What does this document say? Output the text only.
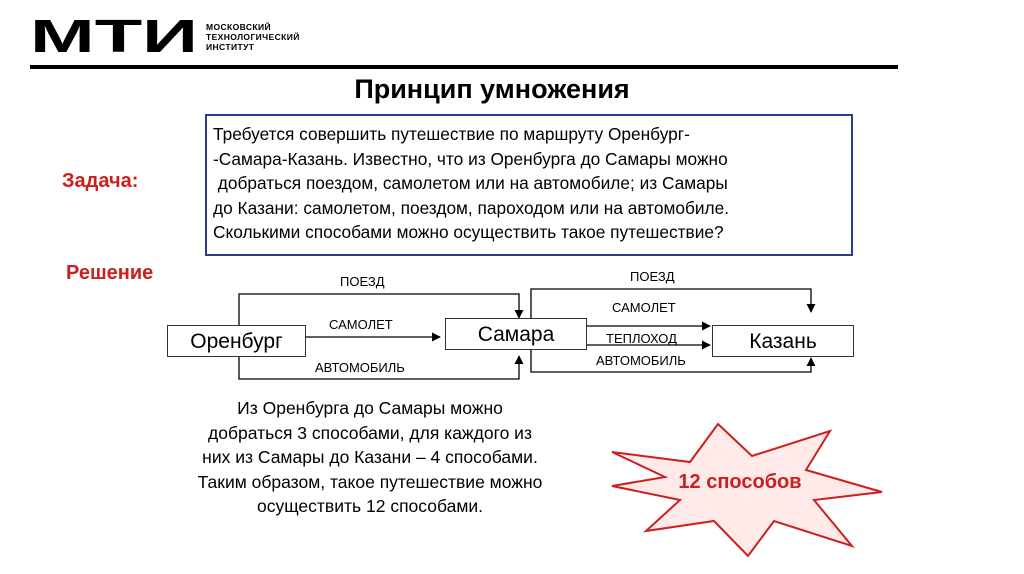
МТИ МОСКОВСКИЙ
ТЕХНОЛОГИЧЕСКИЙ
ИНСТИТУТ
Принцип умножения
Задача:
Требуется совершить путешествие по маршруту Оренбург-
-Самара-Казань. Известно, что из Оренбурга до Самары можно
добраться поездом, самолетом или на автомобиле; из Самары
до Казани: самолетом, поездом, пароходом или на автомобиле.
Сколькими способами можно осуществить такое путешествие?
Решение
Оренбург	Самара	Казань
ПОЕЗД
САМОЛЕТ
АВТОМОБИЛЬ
ПОЕЗД
САМОЛЕТ
ТЕПЛОХОД
АВТОМОБИЛЬ
Из Оренбурга до Самары можно
добраться 3 способами, для каждого из
них из Самары до Казани – 4 способами.
Таким образом, такое путешествие можно
осуществить 12 способами.
12 способов
